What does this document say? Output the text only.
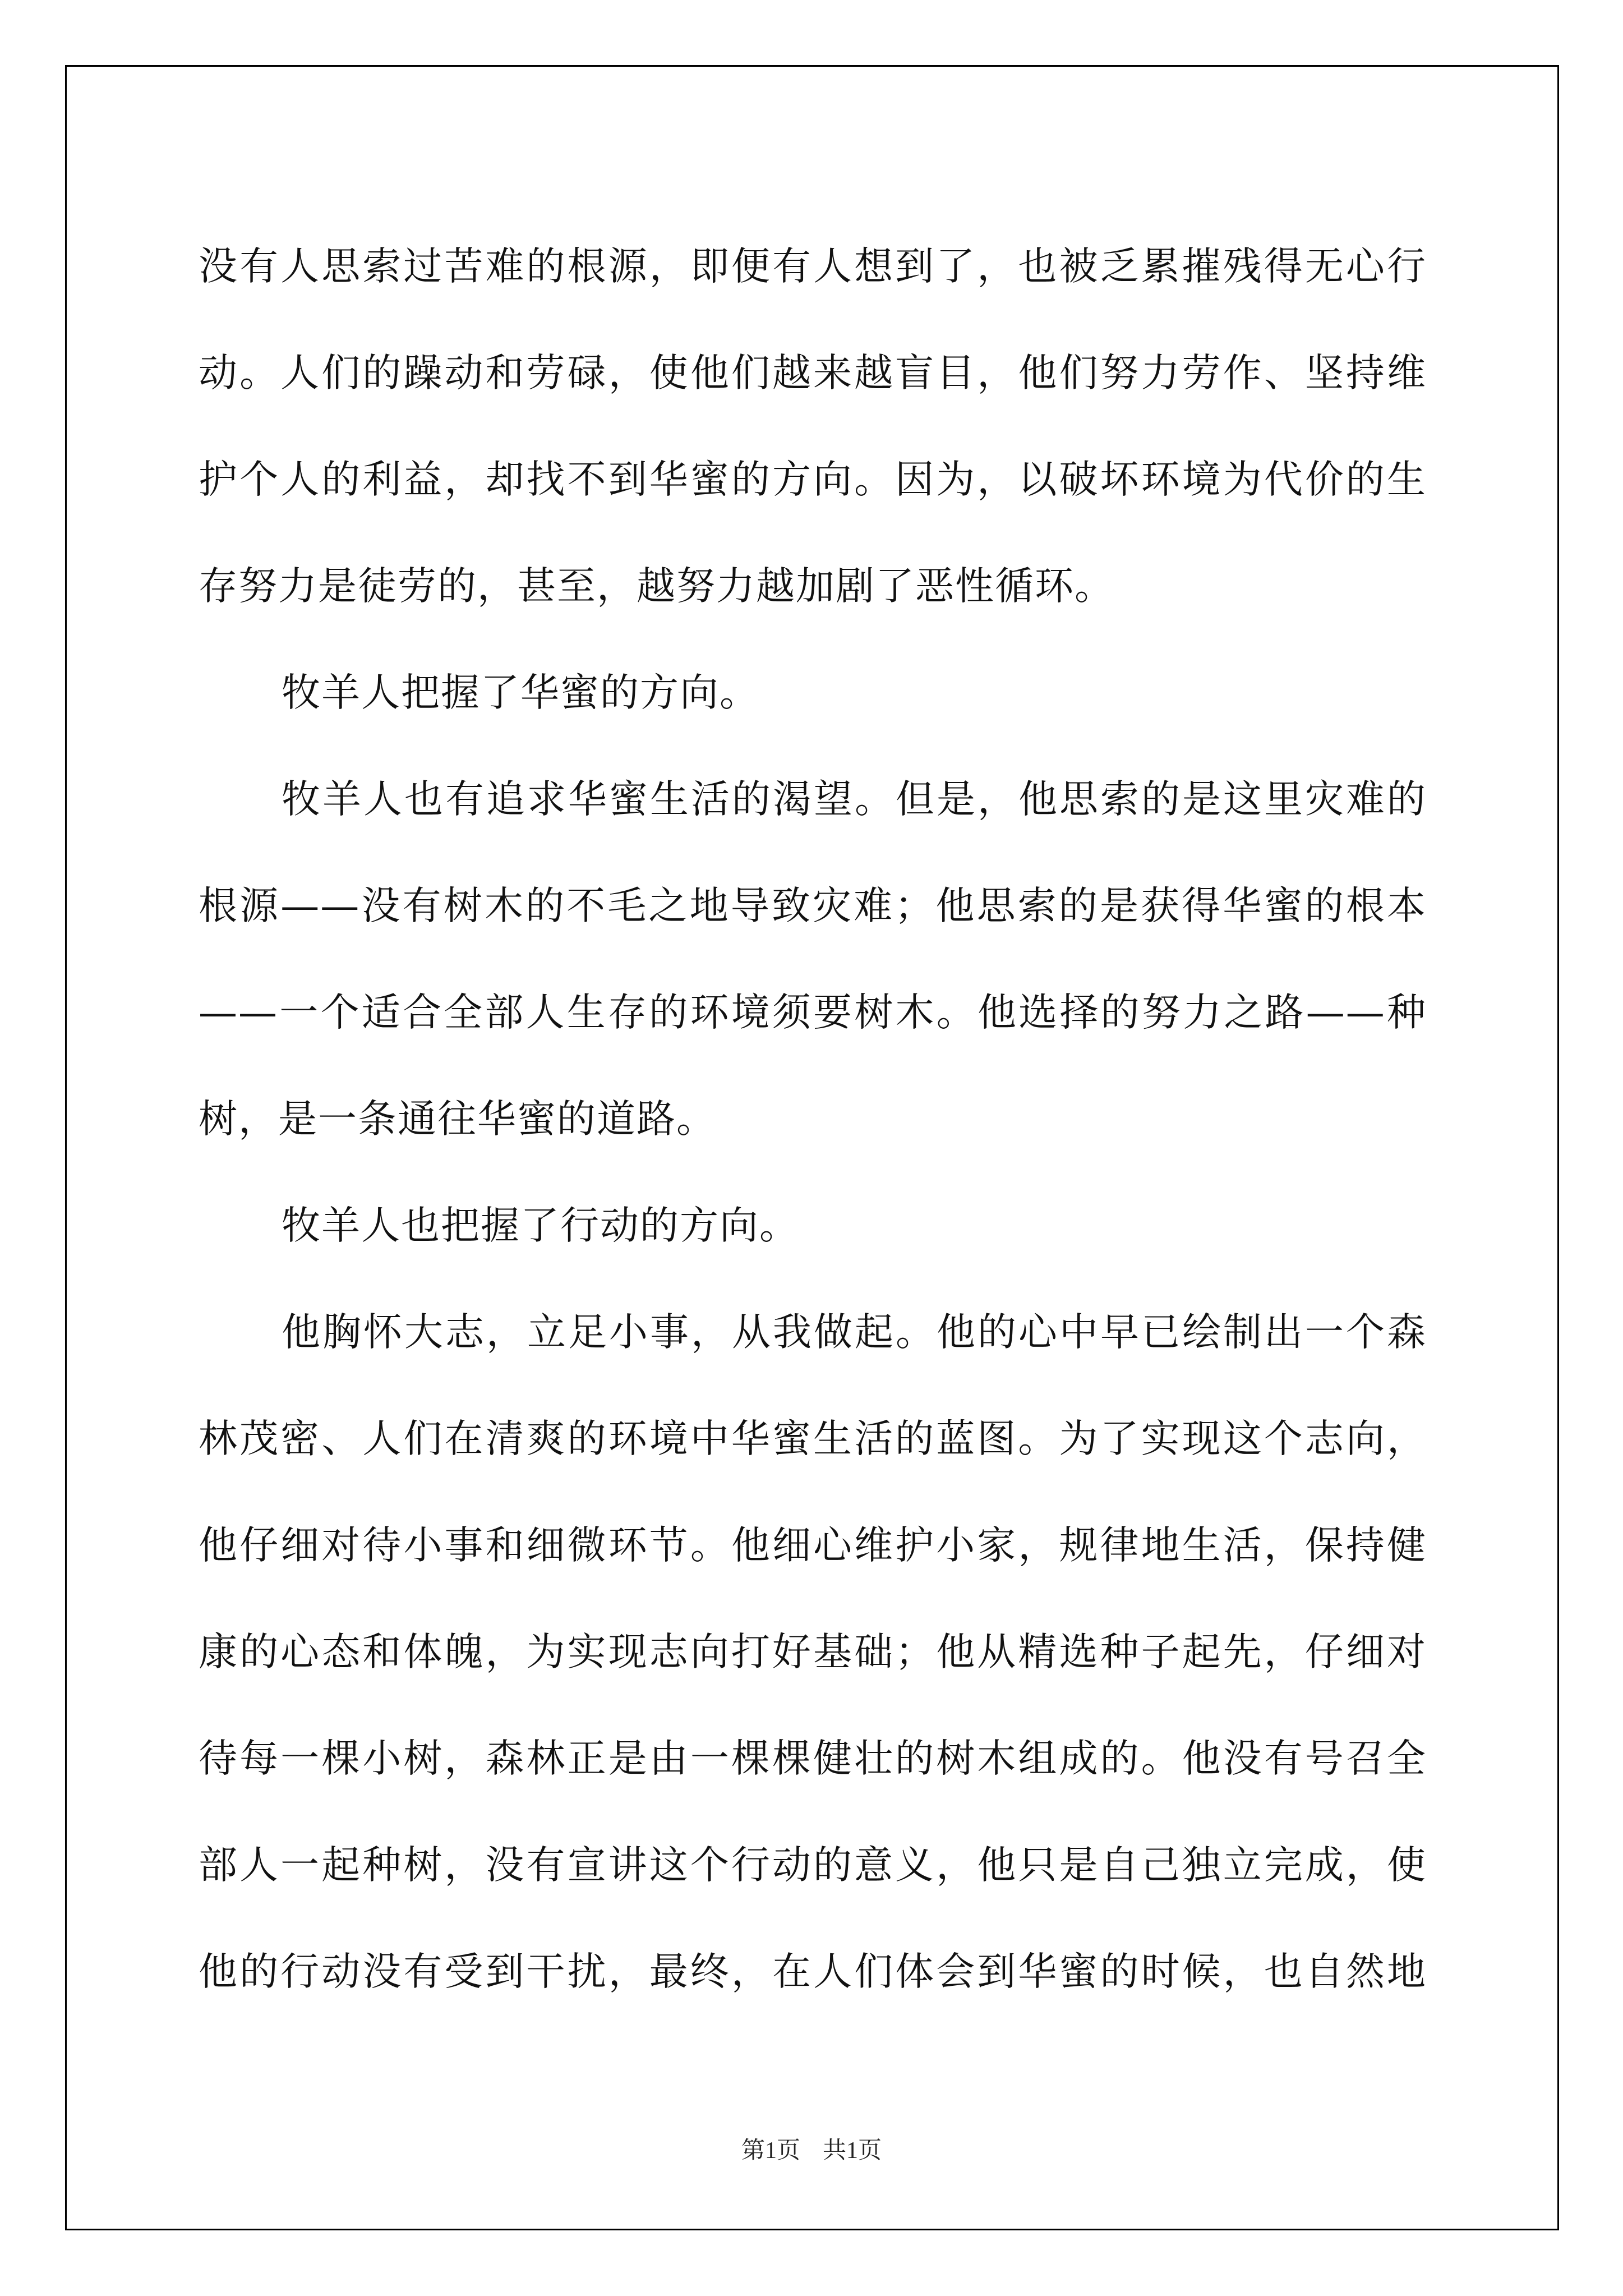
没有人思索过苦难的根源，即便有人想到了，也被乏累摧残得无心行
动。人们的躁动和劳碌，使他们越来越盲目，他们努力劳作、坚持维
护个人的利益，却找不到华蜜的方向。因为，以破坏环境为代价的生
存努力是徒劳的，甚至，越努力越加剧了恶性循环。
牧羊人把握了华蜜的方向。
牧羊人也有追求华蜜生活的渴望。但是，他思索的是这里灾难的
根源——没有树木的不毛之地导致灾难；他思索的是获得华蜜的根本
——一个适合全部人生存的环境须要树木。他选择的努力之路——种
树，是一条通往华蜜的道路。
牧羊人也把握了行动的方向。
他胸怀大志，立足小事，从我做起。他的心中早已绘制出一个森
林茂密、人们在清爽的环境中华蜜生活的蓝图。为了实现这个志向，
他仔细对待小事和细微环节。他细心维护小家，规律地生活，保持健
康的心态和体魄，为实现志向打好基础；他从精选种子起先，仔细对
待每一棵小树，森林正是由一棵棵健壮的树木组成的。他没有号召全
部人一起种树，没有宣讲这个行动的意义，他只是自己独立完成，使
他的行动没有受到干扰，最终，在人们体会到华蜜的时候，也自然地
第1页 共1页
